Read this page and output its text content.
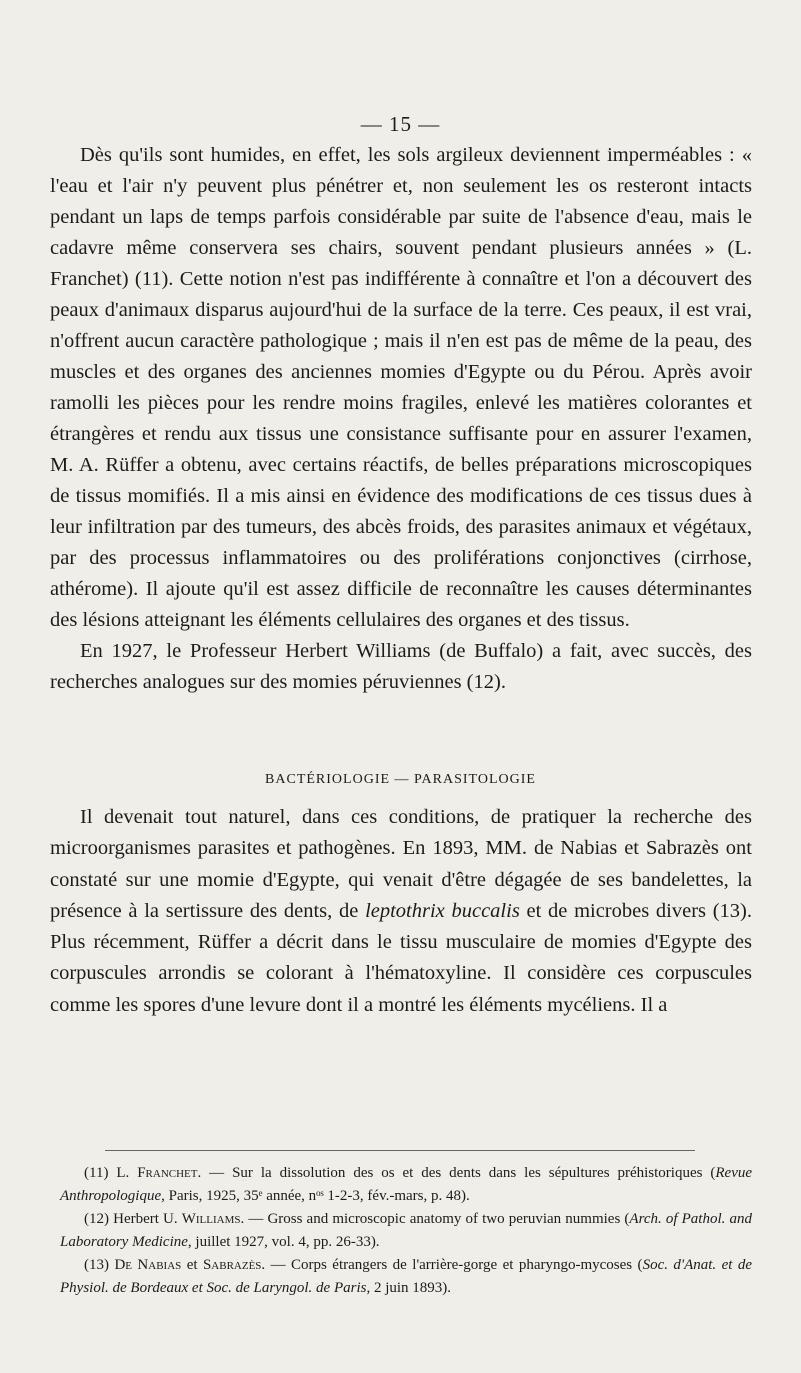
— 15 —

Dès qu'ils sont humides, en effet, les sols argileux deviennent imperméables : « l'eau et l'air n'y peuvent plus pénétrer et, non seulement les os resteront intacts pendant un laps de temps parfois considérable par suite de l'absence d'eau, mais le cadavre même conservera ses chairs, souvent pendant plusieurs années » (L. Franchet) (11). Cette notion n'est pas indifférente à connaître et l'on a découvert des peaux d'animaux disparus aujourd'hui de la surface de la terre. Ces peaux, il est vrai, n'offrent aucun caractère pathologique ; mais il n'en est pas de même de la peau, des muscles et des organes des anciennes momies d'Egypte ou du Pérou. Après avoir ramolli les pièces pour les rendre moins fragiles, enlevé les matières colorantes et étrangères et rendu aux tissus une consistance suffisante pour en assurer l'examen, M. A. Rüffer a obtenu, avec certains réactifs, de belles préparations microscopiques de tissus momifiés. Il a mis ainsi en évidence des modifications de ces tissus dues à leur infiltration par des tumeurs, des abcès froids, des parasites animaux et végétaux, par des processus inflammatoires ou des proliférations conjonctives (cirrhose, athérome). Il ajoute qu'il est assez difficile de reconnaître les causes déterminantes des lésions atteignant les éléments cellulaires des organes et des tissus.

En 1927, le Professeur Herbert Williams (de Buffalo) a fait, avec succès, des recherches analogues sur des momies péruviennes (12).

BACTÉRIOLOGIE — PARASITOLOGIE

Il devenait tout naturel, dans ces conditions, de pratiquer la recherche des microorganismes parasites et pathogènes. En 1893, MM. de Nabias et Sabrazès ont constaté sur une momie d'Egypte, qui venait d'être dégagée de ses bandelettes, la présence à la sertissure des dents, de leptothrix buccalis et de microbes divers (13). Plus récemment, Rüffer a décrit dans le tissu musculaire de momies d'Egypte des corpuscules arrondis se colorant à l'hématoxyline. Il considère ces corpuscules comme les spores d'une levure dont il a montré les éléments mycéliens. Il a

(11) L. Franchet. — Sur la dissolution des os et des dents dans les sépultures préhistoriques (Revue Anthropologique, Paris, 1925, 35ᵉ année, nᵒˢ 1-2-3, fév.-mars, p. 48).

(12) Herbert U. Williams. — Gross and microscopic anatomy of two peruvian nummies (Arch. of Pathol. and Laboratory Medicine, juillet 1927, vol. 4, pp. 26-33).

(13) De Nabias et Sabrazès. — Corps étrangers de l'arrière-gorge et pharyngo-mycoses (Soc. d'Anat. et de Physiol. de Bordeaux et Soc. de Laryngol. de Paris, 2 juin 1893).
